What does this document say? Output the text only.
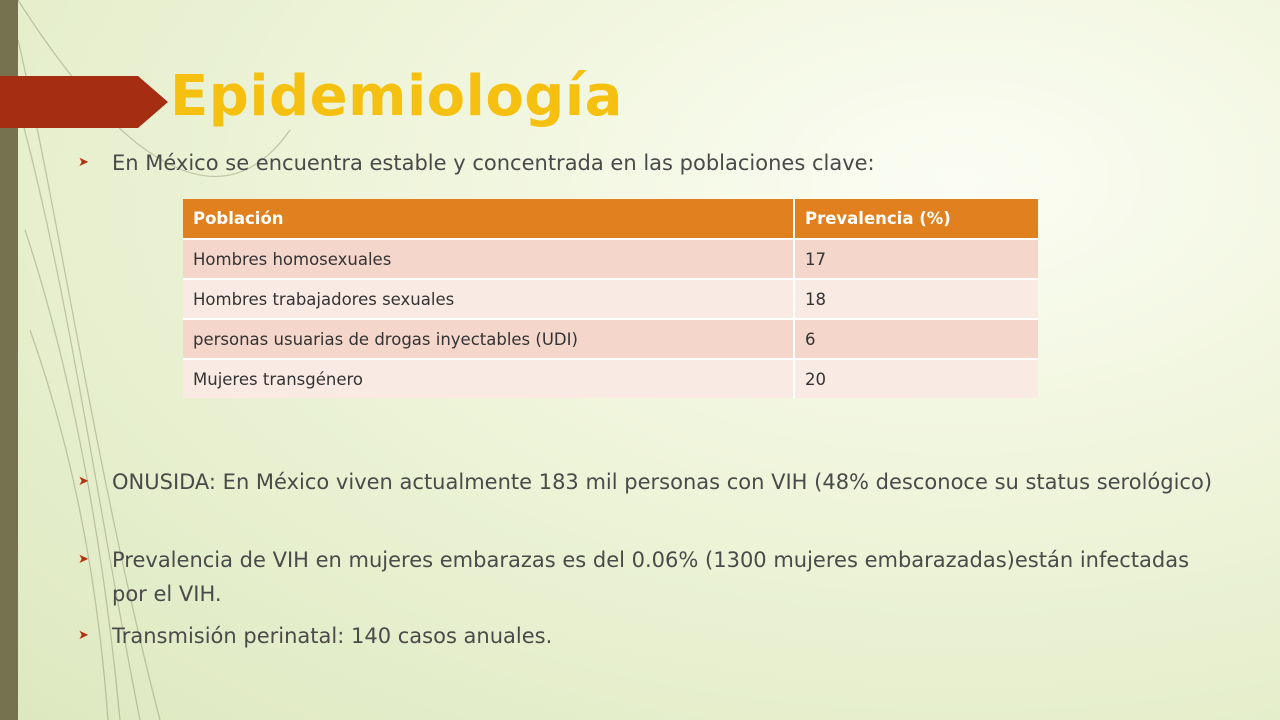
Epidemiología
➤	En México se encuentra estable y concentrada en las poblaciones clave:
Población	Prevalencia (%)
Hombres homosexuales	17
Hombres trabajadores sexuales	18
personas usuarias de drogas inyectables (UDI)	6
Mujeres transgénero	20
➤	ONUSIDA: En México viven actualmente 183 mil personas con VIH (48% desconoce su status serológico)
➤	Prevalencia de VIH en mujeres embarazas es del 0.06% (1300 mujeres embarazadas)están infectadas por el VIH.
➤	Transmisión perinatal: 140 casos anuales.
